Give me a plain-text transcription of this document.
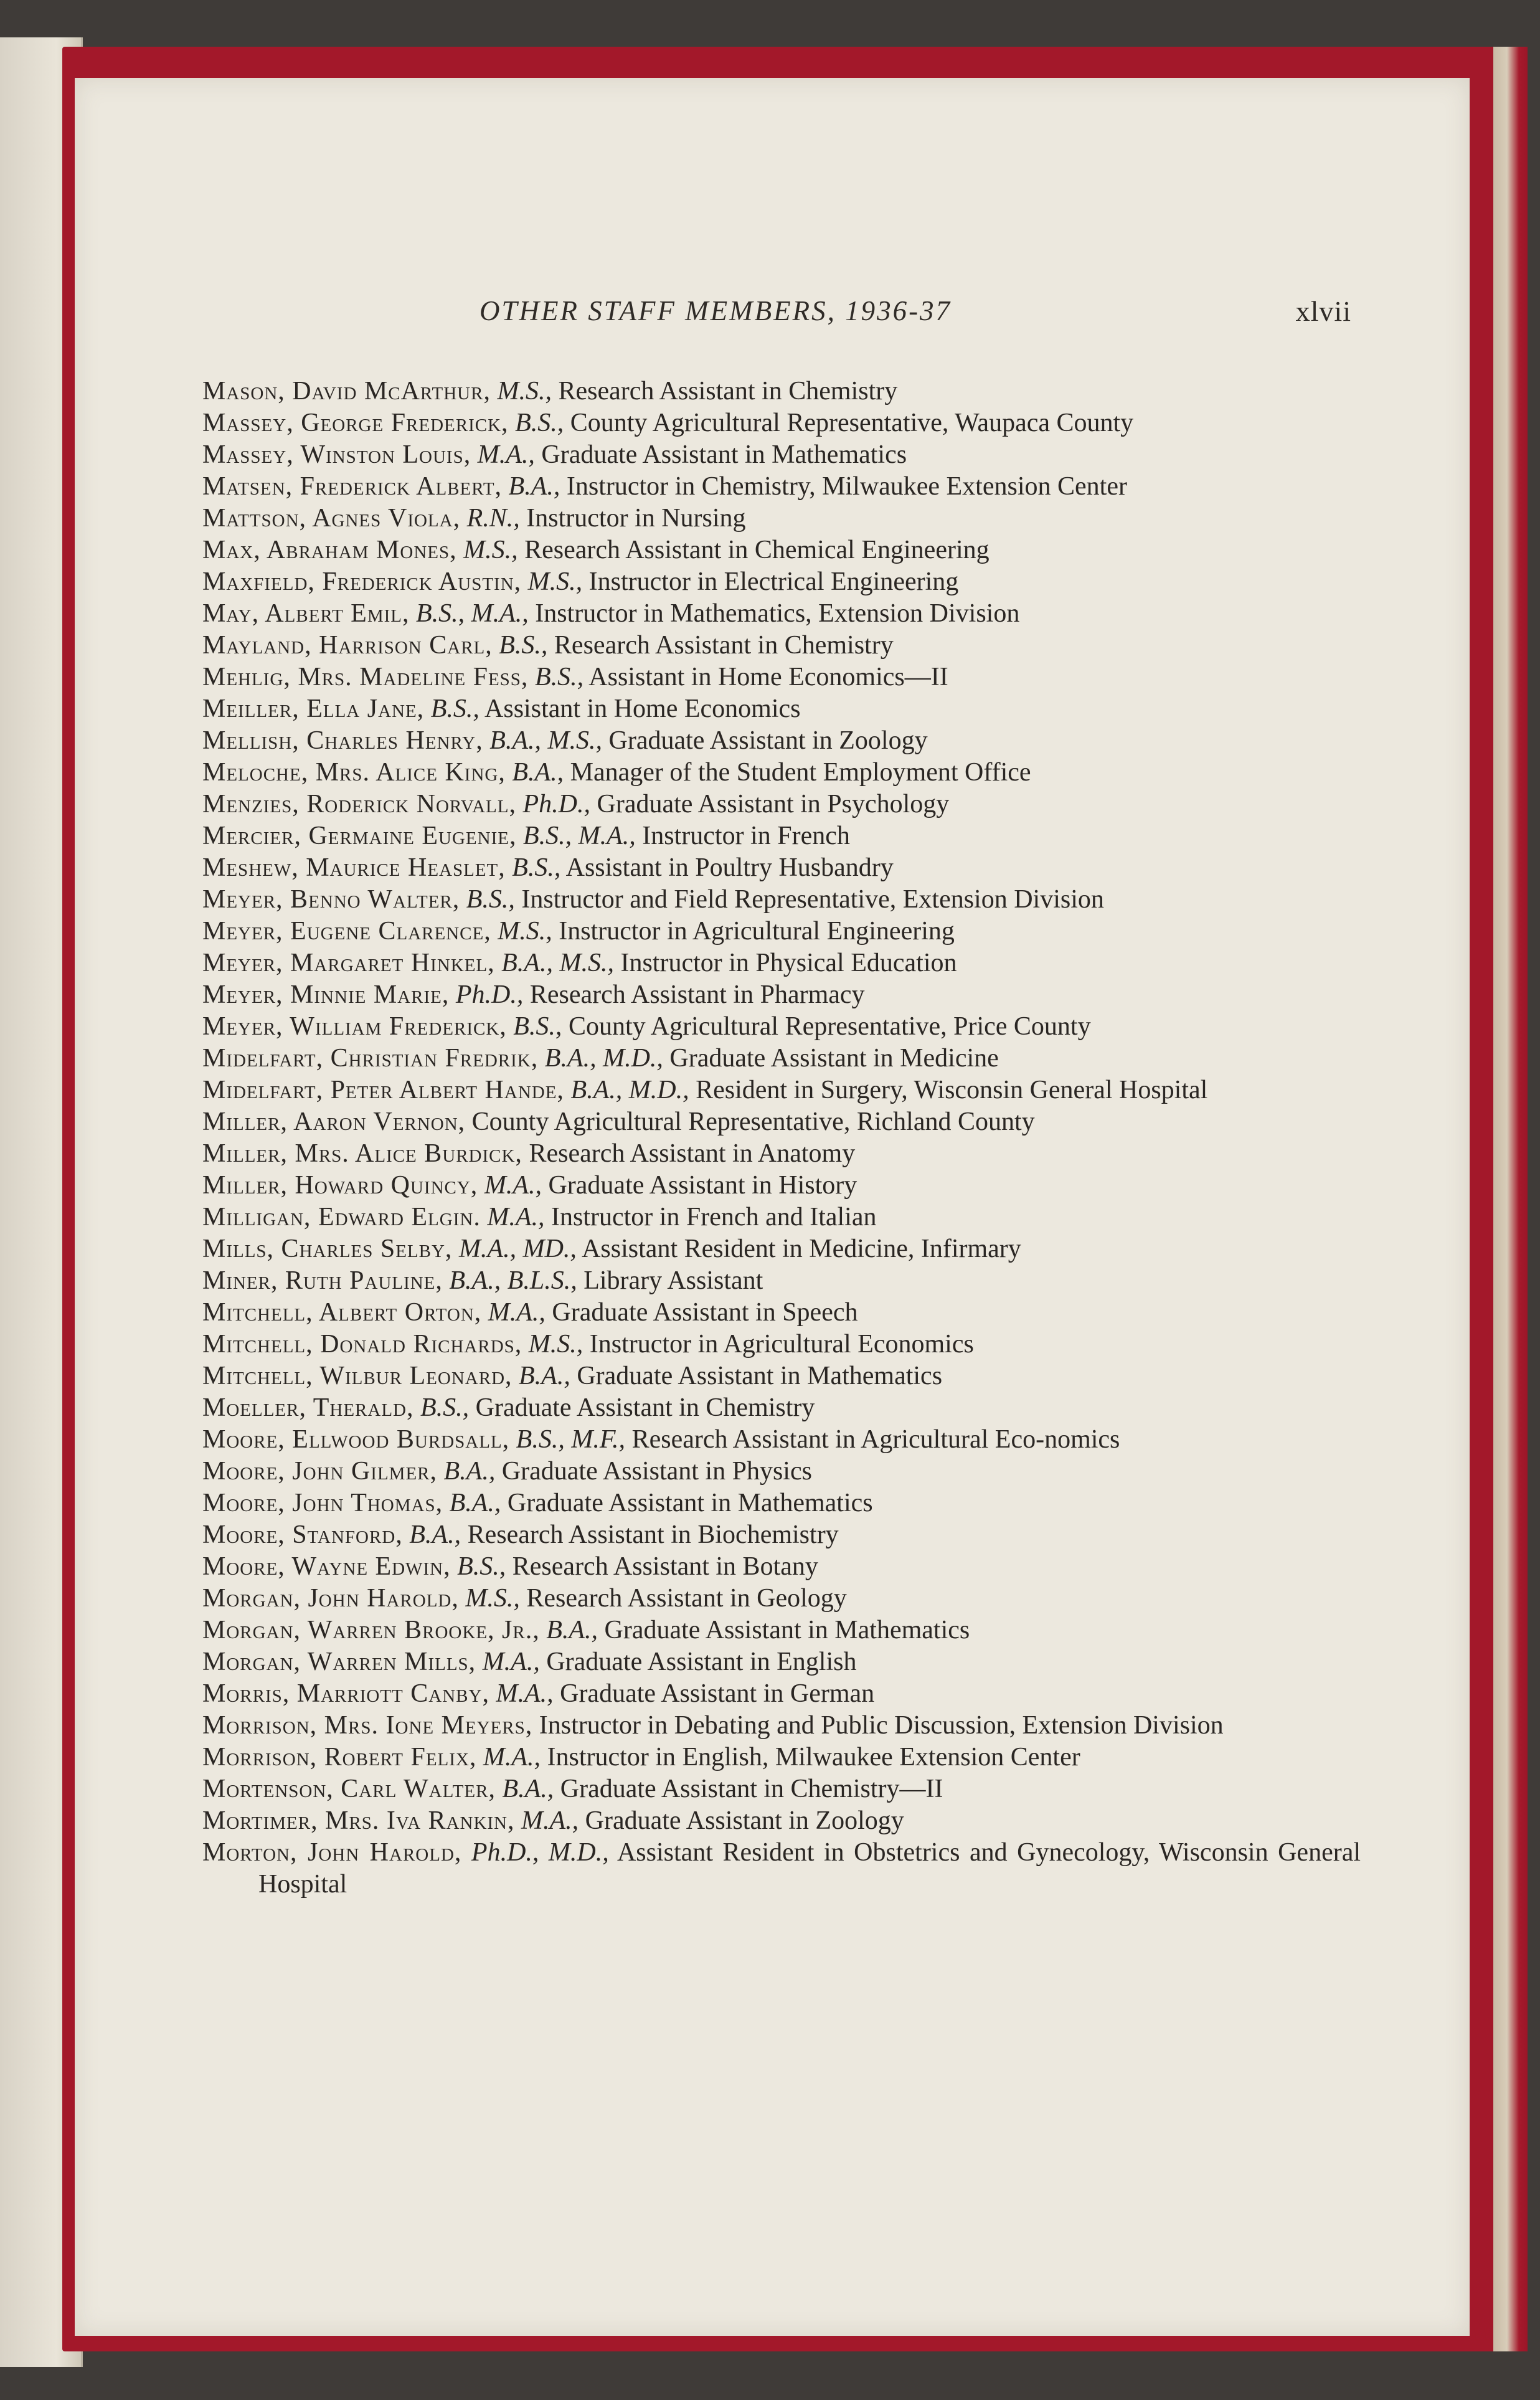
OTHER STAFF MEMBERS, 1936-37	xlvii

Mason, David McArthur, M.S., Research Assistant in Chemistry

Massey, George Frederick, B.S., County Agricultural Representative, Waupaca County

Massey, Winston Louis, M.A., Graduate Assistant in Mathematics

Matsen, Frederick Albert, B.A., Instructor in Chemistry, Milwaukee Extension Center

Mattson, Agnes Viola, R.N., Instructor in Nursing

Max, Abraham Mones, M.S., Research Assistant in Chemical Engineering

Maxfield, Frederick Austin, M.S., Instructor in Electrical Engineering

May, Albert Emil, B.S., M.A., Instructor in Mathematics, Extension Division

Mayland, Harrison Carl, B.S., Research Assistant in Chemistry

Mehlig, Mrs. Madeline Fess, B.S., Assistant in Home Economics—II

Meiller, Ella Jane, B.S., Assistant in Home Economics

Mellish, Charles Henry, B.A., M.S., Graduate Assistant in Zoology

Meloche, Mrs. Alice King, B.A., Manager of the Student Employment Office

Menzies, Roderick Norvall, Ph.D., Graduate Assistant in Psychology

Mercier, Germaine Eugenie, B.S., M.A., Instructor in French

Meshew, Maurice Heaslet, B.S., Assistant in Poultry Husbandry

Meyer, Benno Walter, B.S., Instructor and Field Representative, Extension Division

Meyer, Eugene Clarence, M.S., Instructor in Agricultural Engineering

Meyer, Margaret Hinkel, B.A., M.S., Instructor in Physical Education

Meyer, Minnie Marie, Ph.D., Research Assistant in Pharmacy

Meyer, William Frederick, B.S., County Agricultural Representative, Price County

Midelfart, Christian Fredrik, B.A., M.D., Graduate Assistant in Medicine

Midelfart, Peter Albert Hande, B.A., M.D., Resident in Surgery, Wisconsin General Hospital

Miller, Aaron Vernon, County Agricultural Representative, Richland County

Miller, Mrs. Alice Burdick, Research Assistant in Anatomy

Miller, Howard Quincy, M.A., Graduate Assistant in History

Milligan, Edward Elgin. M.A., Instructor in French and Italian

Mills, Charles Selby, M.A., MD., Assistant Resident in Medicine, Infirmary

Miner, Ruth Pauline, B.A., B.L.S., Library Assistant

Mitchell, Albert Orton, M.A., Graduate Assistant in Speech

Mitchell, Donald Richards, M.S., Instructor in Agricultural Economics

Mitchell, Wilbur Leonard, B.A., Graduate Assistant in Mathematics

Moeller, Therald, B.S., Graduate Assistant in Chemistry

Moore, Ellwood Burdsall, B.S., M.F., Research Assistant in Agricultural Eco-nomics

Moore, John Gilmer, B.A., Graduate Assistant in Physics

Moore, John Thomas, B.A., Graduate Assistant in Mathematics

Moore, Stanford, B.A., Research Assistant in Biochemistry

Moore, Wayne Edwin, B.S., Research Assistant in Botany

Morgan, John Harold, M.S., Research Assistant in Geology

Morgan, Warren Brooke, Jr., B.A., Graduate Assistant in Mathematics

Morgan, Warren Mills, M.A., Graduate Assistant in English

Morris, Marriott Canby, M.A., Graduate Assistant in German

Morrison, Mrs. Ione Meyers, Instructor in Debating and Public Discussion, Extension Division

Morrison, Robert Felix, M.A., Instructor in English, Milwaukee Extension Center

Mortenson, Carl Walter, B.A., Graduate Assistant in Chemistry—II

Mortimer, Mrs. Iva Rankin, M.A., Graduate Assistant in Zoology

Morton, John Harold, Ph.D., M.D., Assistant Resident in Obstetrics and Gynecology, Wisconsin General Hospital
